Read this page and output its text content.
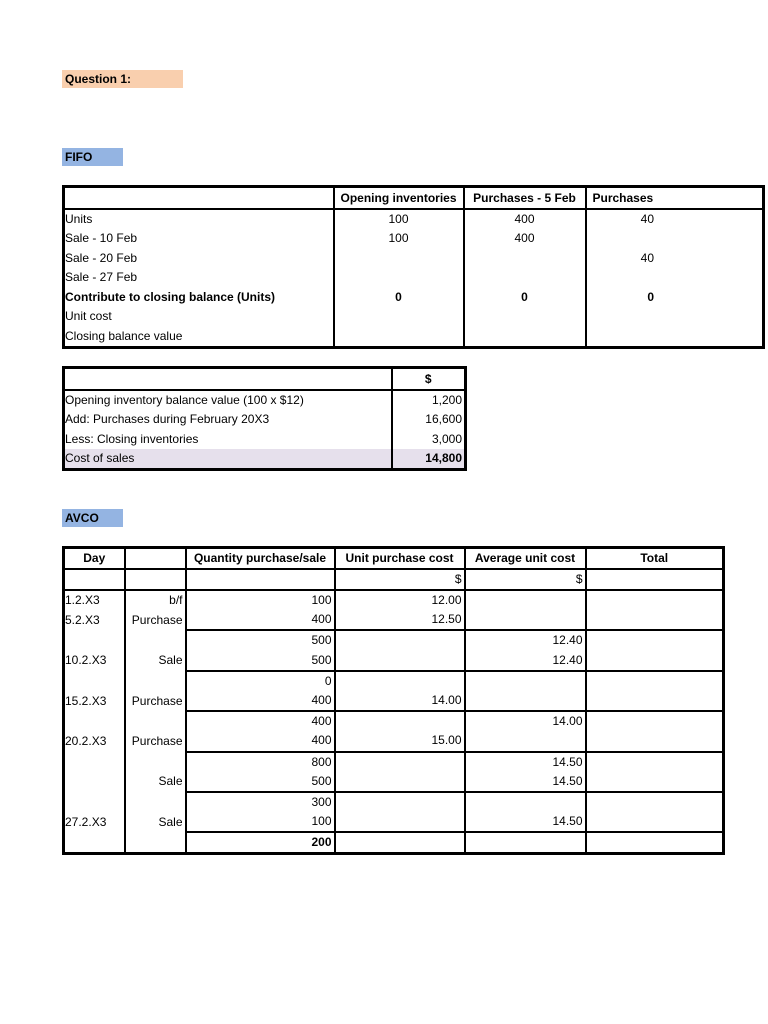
Question 1:
FIFO
	Opening inventories	Purchases - 5 Feb	Purchases
Units	100	400	40
Sale - 10 Feb	100	400	
Sale - 20 Feb			40
Sale - 27 Feb			
Contribute to closing balance (Units)	0	0	0
Unit cost			
Closing balance value			
	$
Opening inventory balance value (100 x $12)	1,200
Add: Purchases during February 20X3	16,600
Less: Closing inventories	3,000
Cost of sales	14,800
AVCO
Day		Quantity purchase/sale	Unit purchase cost	Average unit cost	Total
			$	$	
1.2.X3	b/f	100	12.00		
5.2.X3	Purchase	400	12.50		
		500		12.40	
10.2.X3	Sale	500		12.40	
		0			
15.2.X3	Purchase	400	14.00		
		400		14.00	
20.2.X3	Purchase	400	15.00		
		800		14.50	
	Sale	500		14.50	
		300			
27.2.X3	Sale	100		14.50	
		200			
